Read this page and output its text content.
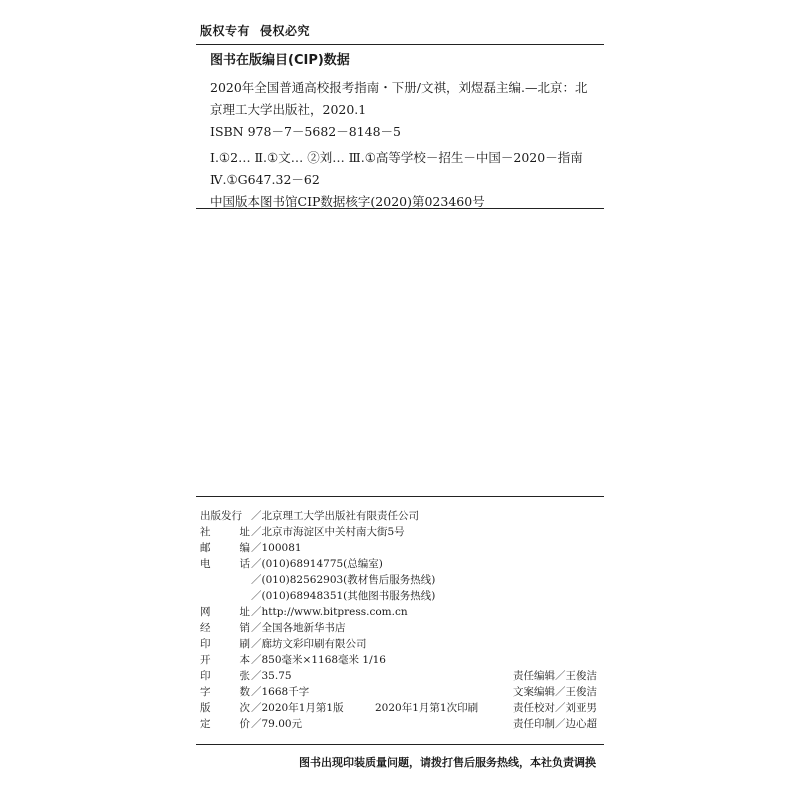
版权专有 侵权必究
图书在版编目(CIP)数据
2020年全国普通高校报考指南・下册/文祺，刘煜磊主编.—北京：北
京理工大学出版社，2020.1
ISBN 978－7－5682－8148－5
Ⅰ.①2… Ⅱ.①文… ②刘… Ⅲ.①高等学校－招生－中国－2020－指南
Ⅳ.①G647.32－62
中国版本图书馆CIP数据核字(2020)第023460号
出版发行 ／北京理工大学出版社有限责任公司
社	址 ／北京市海淀区中关村南大街5号
邮	编 ／100081
电	话 ／(010)68914775(总编室)
／(010)82562903(教材售后服务热线)
／(010)68948351(其他图书服务热线)
网	址 ／http://www.bitpress.com.cn
经	销 ／全国各地新华书店
印	刷 ／廊坊文彩印刷有限公司
开	本 ／850毫米×1168毫米 1/16
印	张 ／35.75	责任编辑／王俊洁
字	数 ／1668千字	文案编辑／王俊洁
版	次 ／2020年1月第1版	2020年1月第1次印刷	责任校对／刘亚男
定	价 ／79.00元	责任印制／边心超
图书出现印装质量问题，请拨打售后服务热线，本社负责调换
